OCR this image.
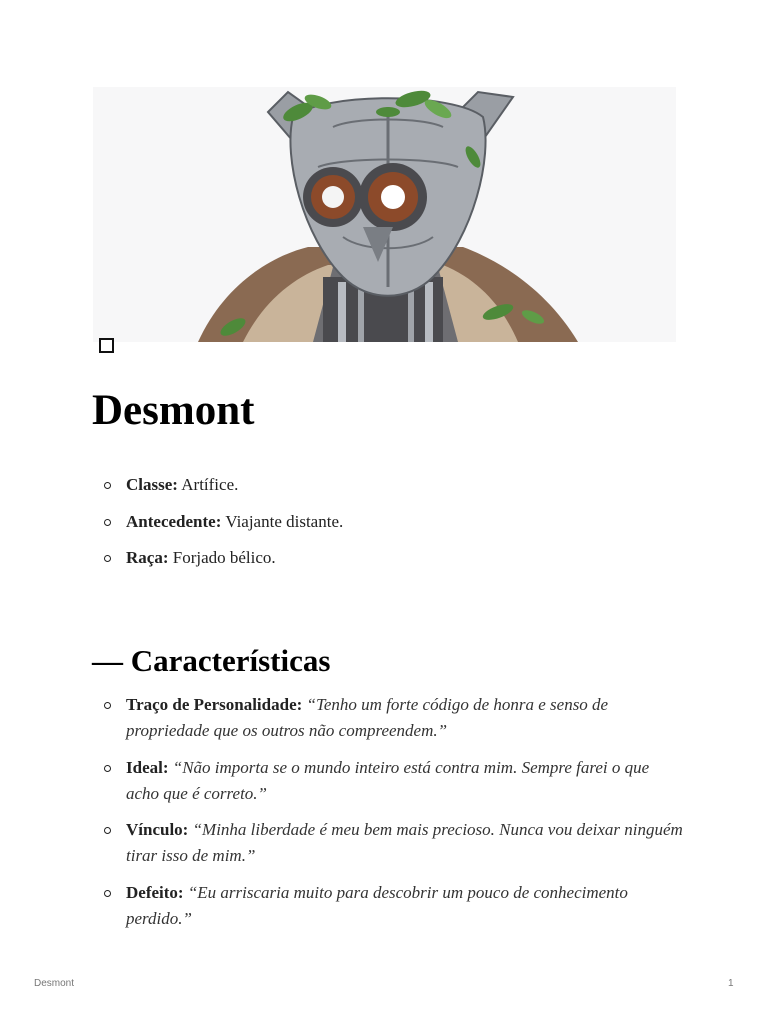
Desmont
Classe: Artífice.
Antecedente: Viajante distante.
Raça: Forjado bélico.
— Características
Traço de Personalidade: “Tenho um forte código de honra e senso de propriedade que os outros não compreendem.”
Ideal: “Não importa se o mundo inteiro está contra mim. Sempre farei o que acho que é correto.”
Vínculo: “Minha liberdade é meu bem mais precioso. Nunca vou deixar ninguém tirar isso de mim.”
Defeito: “Eu arriscaria muito para descobrir um pouco de conhecimento perdido.”
Desmont	1
